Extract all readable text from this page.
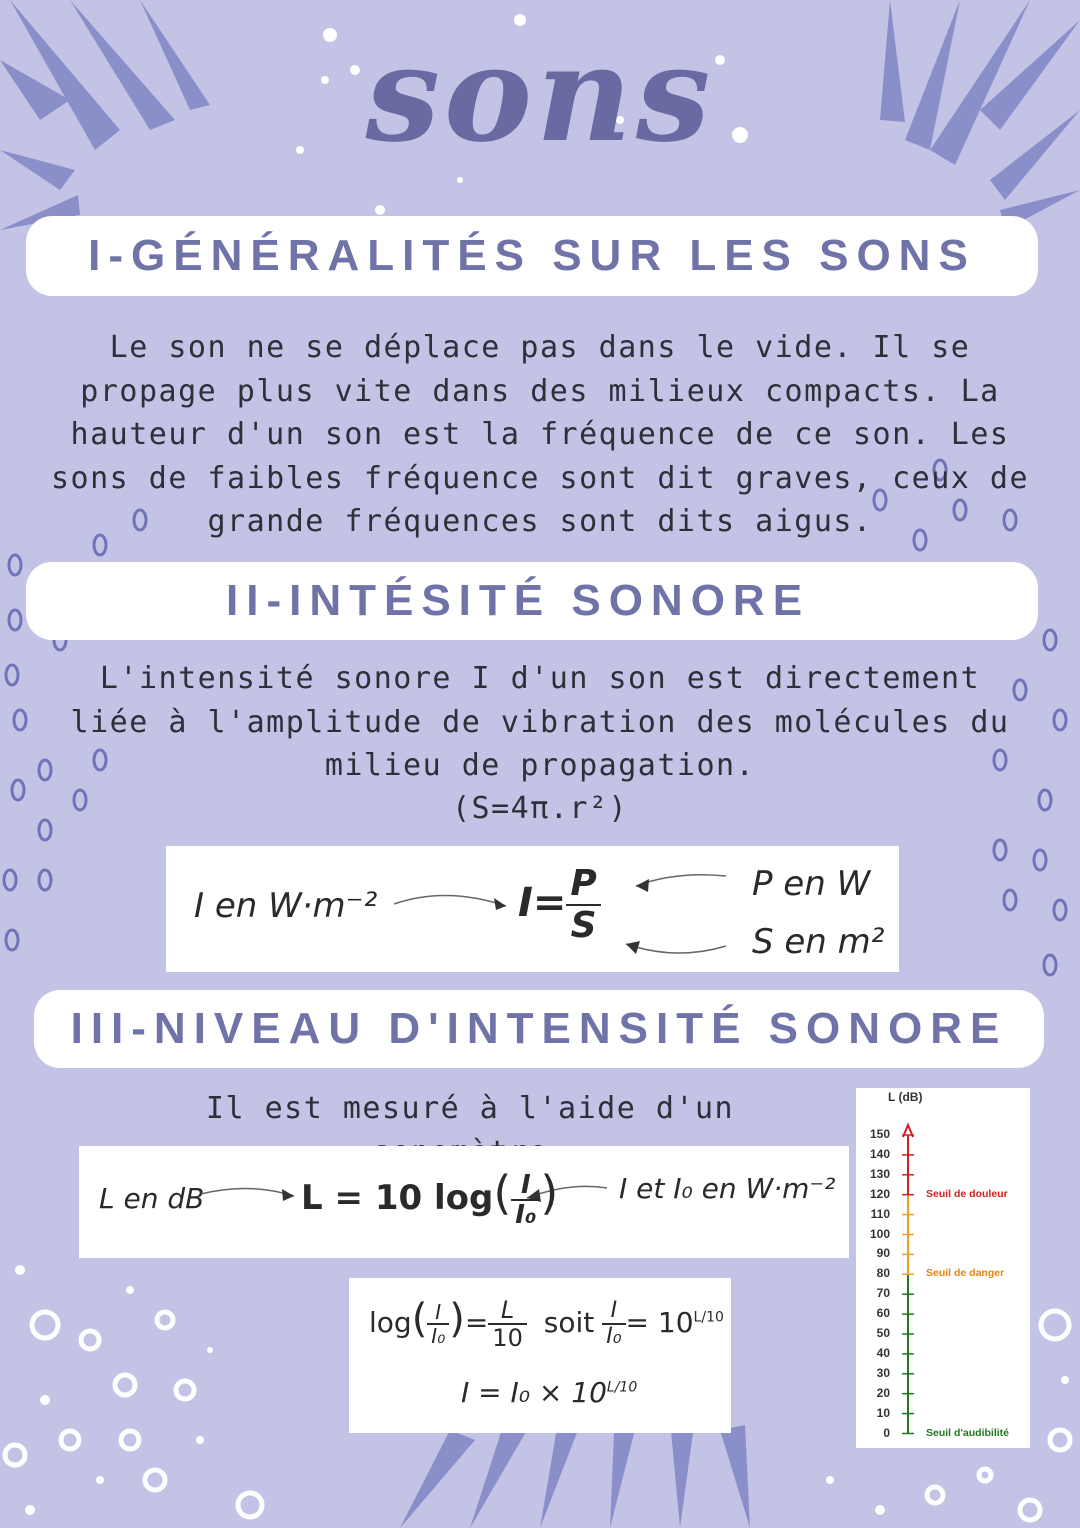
sons
I-GÉNÉRALITÉS SUR LES SONS
Le son ne se déplace pas dans le vide. Il se propage plus vite dans des milieux compacts. La hauteur d'un son est la fréquence de ce son. Les sons de faibles fréquence sont dit graves, ceux de grande fréquences sont dits aigus.
II-INTÉSITÉ SONORE
L'intensité sonore I d'un son est directement liée à l'amplitude de vibration des molécules du milieu de propagation.
(S=4π.r²)
I en W·m⁻²	$I= \frac{P}{S}$	P en W
S en m²
III-NIVEAU D'INTENSITÉ SONORE
Il est mesuré à l'aide d'un
L en dB	L = 10 $\log( \frac{I}{\text{I₀}}$ ) I et I₀ en W·m⁻²
$\log( \frac{I}{\text{I₀}}$ )= $\frac{L}{10}$ soit $\frac{I}{\text{I₀}} = 10^{L/10}$
$I = I_0 \times 10^{L/10}$
L (dB)
150
140
130
120
110
100
90
80
70
60
50
40
30
20
10
0
Seuil de douleur
Seuil de danger
Seuil d'audibilité
